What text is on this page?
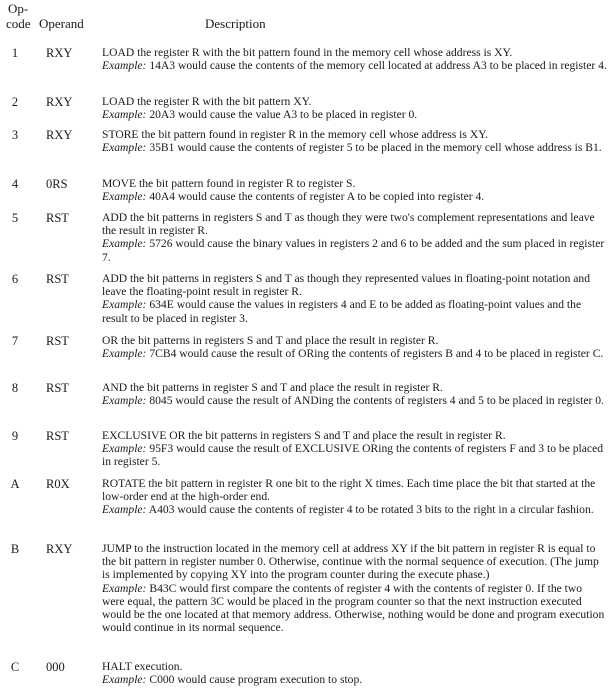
Op-
code Operand	Description
1	RXY	LOAD the register R with the bit pattern found in the memory cell whose address is XY.
Example: 14A3 would cause the contents of the memory cell located at address A3 to be placed in register 4.
2	RXY	LOAD the register R with the bit pattern XY.
Example: 20A3 would cause the value A3 to be placed in register 0.
3	RXY	STORE the bit pattern found in register R in the memory cell whose address is XY.
Example: 35B1 would cause the contents of register 5 to be placed in the memory cell whose address is B1.
4	0RS	MOVE the bit pattern found in register R to register S.
Example: 40A4 would cause the contents of register A to be copied into register 4.
5	RST	ADD the bit patterns in registers S and T as though they were two's complement representations and leave the result in register R.
Example: 5726 would cause the binary values in registers 2 and 6 to be added and the sum placed in register 7.
6	RST	ADD the bit patterns in registers S and T as though they represented values in floating-point notation and leave the floating-point result in register R.
Example: 634E would cause the values in registers 4 and E to be added as floating-point values and the result to be placed in register 3.
7	RST	OR the bit patterns in registers S and T and place the result in register R.
Example: 7CB4 would cause the result of ORing the contents of registers B and 4 to be placed in register C.
8	RST	AND the bit patterns in register S and T and place the result in register R.
Example: 8045 would cause the result of ANDing the contents of registers 4 and 5 to be placed in register 0.
9	RST	EXCLUSIVE OR the bit patterns in registers S and T and place the result in register R.
Example: 95F3 would cause the result of EXCLUSIVE ORing the contents of registers F and 3 to be placed in register 5.
A	R0X	ROTATE the bit pattern in register R one bit to the right X times. Each time place the bit that started at the low-order end at the high-order end.
Example: A403 would cause the contents of register 4 to be rotated 3 bits to the right in a circular fashion.
B	RXY	JUMP to the instruction located in the memory cell at address XY if the bit pattern in register R is equal to the bit pattern in register number 0. Otherwise, continue with the normal sequence of execution. (The jump is implemented by copying XY into the program counter during the execute phase.)
Example: B43C would first compare the contents of register 4 with the contents of register 0. If the two were equal, the pattern 3C would be placed in the program counter so that the next instruction executed would be the one located at that memory address. Otherwise, nothing would be done and program execution would continue in its normal sequence.
C	000	HALT execution.
Example: C000 would cause program execution to stop.
